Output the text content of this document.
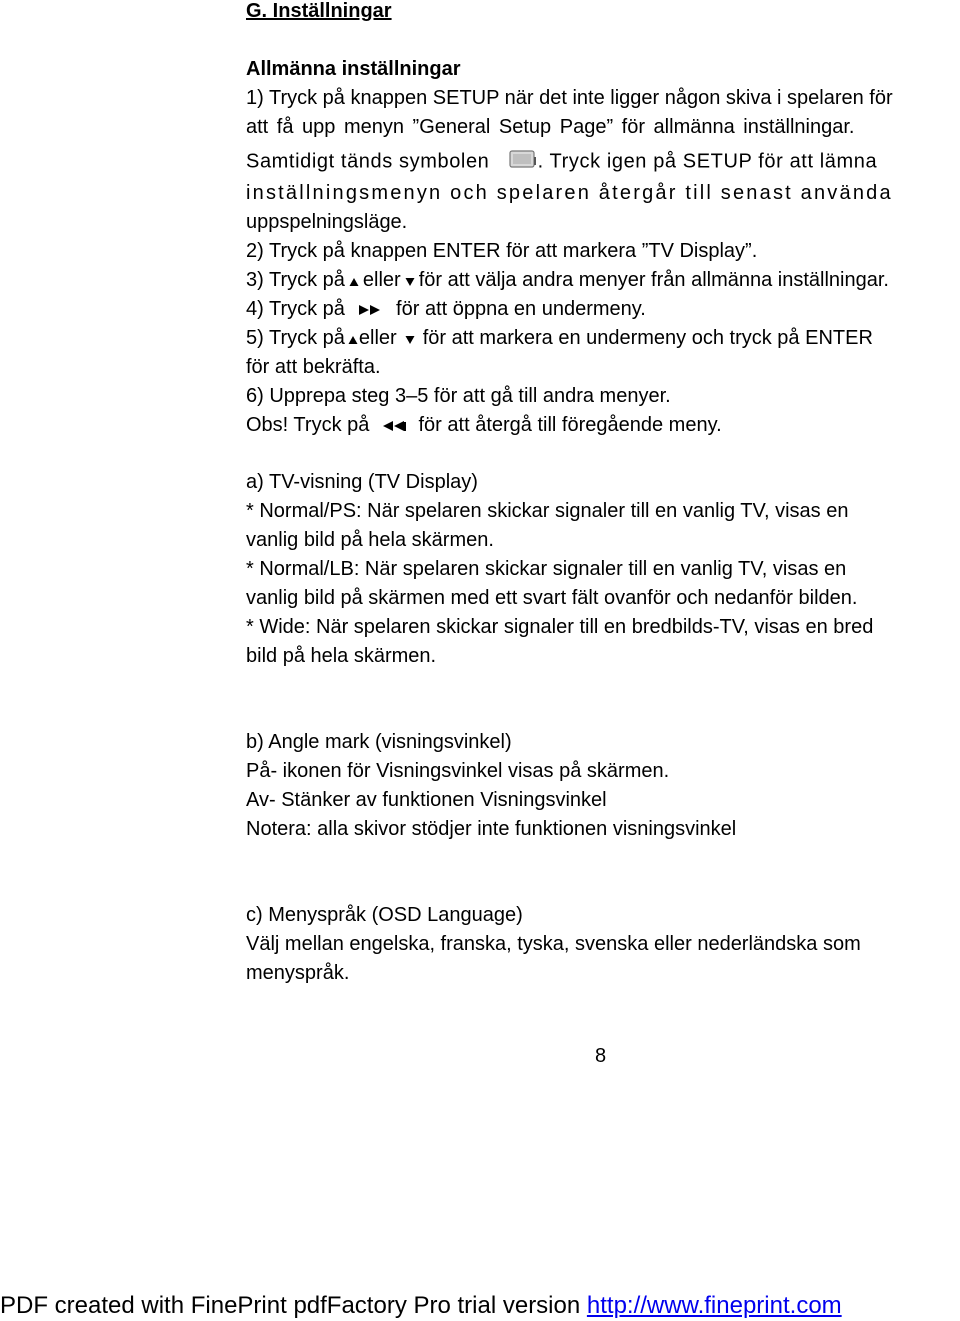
G. Inställningar
Allmänna inställningar
1) Tryck på knappen SETUP när det inte ligger någon skiva i spelaren för
att få upp menyn ”General Setup Page” för allmänna inställningar.
Samtidigt tänds symbolen . Tryck igen på SETUP för att lämna
inställningsmenyn och spelaren återgår till senast använda
uppspelningsläge.
2) Tryck på knappen ENTER för att markera ”TV Display”.
3) Tryck på eller för att välja andra menyer från allmänna inställningar.
4) Tryck på	för att öppna en undermeny.
5) Tryck på eller för att markera en undermeny och tryck på ENTER
för att bekräfta.
6) Upprepa steg 3–5 för att gå till andra menyer.
Obs! Tryck på för att återgå till föregående meny.
a) TV-visning (TV Display)
* Normal/PS: När spelaren skickar signaler till en vanlig TV, visas en
vanlig bild på hela skärmen.
* Normal/LB: När spelaren skickar signaler till en vanlig TV, visas en
vanlig bild på skärmen med ett svart fält ovanför och nedanför bilden.
* Wide: När spelaren skickar signaler till en bredbilds-TV, visas en bred
bild på hela skärmen.
b) Angle mark (visningsvinkel)
På- ikonen för Visningsvinkel visas på skärmen.
Av- Stänker av funktionen Visningsvinkel
Notera: alla skivor stödjer inte funktionen visningsvinkel
c) Menyspråk (OSD Language)
Välj mellan engelska, franska, tyska, svenska eller nederländska som
menyspråk.
8
PDF created with FinePrint pdfFactory Pro trial version http://www.fineprint.com
